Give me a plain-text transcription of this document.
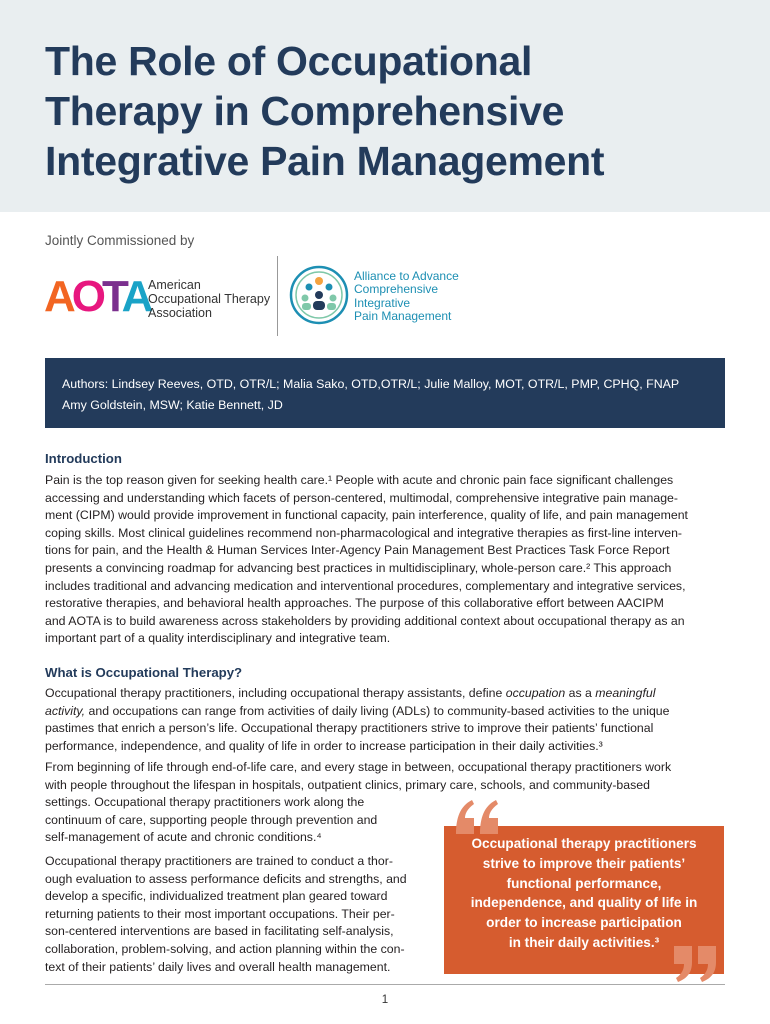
The Role of Occupational
Therapy in Comprehensive
Integrative Pain Management
Jointly Commissioned by
AOTA
American
Occupational Therapy
Association
Alliance to Advance
Comprehensive
Integrative
Pain Management
Authors: Lindsey Reeves, OTD, OTR/L; Malia Sako, OTD,OTR/L; Julie Malloy, MOT, OTR/L, PMP, CPHQ, FNAP
Amy Goldstein, MSW; Katie Bennett, JD
Introduction
Pain is the top reason given for seeking health care.¹ People with acute and chronic pain face significant challenges
accessing and understanding which facets of person-centered, multimodal, comprehensive integrative pain manage-
ment (CIPM) would provide improvement in functional capacity, pain interference, quality of life, and pain management
coping skills. Most clinical guidelines recommend non-pharmacological and integrative therapies as first-line interven-
tions for pain, and the Health & Human Services Inter-Agency Pain Management Best Practices Task Force Report
presents a convincing roadmap for advancing best practices in multidisciplinary, whole-person care.² This approach
includes traditional and advancing medication and interventional procedures, complementary and integrative services,
restorative therapies, and behavioral health approaches. The purpose of this collaborative effort between AACIPM
and AOTA is to build awareness across stakeholders by providing additional context about occupational therapy as an
important part of a quality interdisciplinary and integrative team.
What is Occupational Therapy?
Occupational therapy practitioners, including occupational therapy assistants, define occupation as a meaningful
activity, and occupations can range from activities of daily living (ADLs) to community-based activities to the unique
pastimes that enrich a person’s life. Occupational therapy practitioners strive to improve their patients’ functional
performance, independence, and quality of life in order to increase participation in their daily activities.³
From beginning of life through end-of-life care, and every stage in between, occupational therapy practitioners work
with people throughout the lifespan in hospitals, outpatient clinics, primary care, schools, and community-based
settings. Occupational therapy practitioners work along the
continuum of care, supporting people through prevention and
self-management of acute and chronic conditions.⁴
Occupational therapy practitioners are trained to conduct a thor-
ough evaluation to assess performance deficits and strengths, and
develop a specific, individualized treatment plan geared toward
returning patients to their most important occupations. Their per-
son-centered interventions are based in facilitating self-analysis,
collaboration, problem-solving, and action planning within the con-
text of their patients’ daily lives and overall health management.
Occupational therapy practitioners
strive to improve their patients’
functional performance,
independence, and quality of life in
order to increase participation
in their daily activities.³
1
